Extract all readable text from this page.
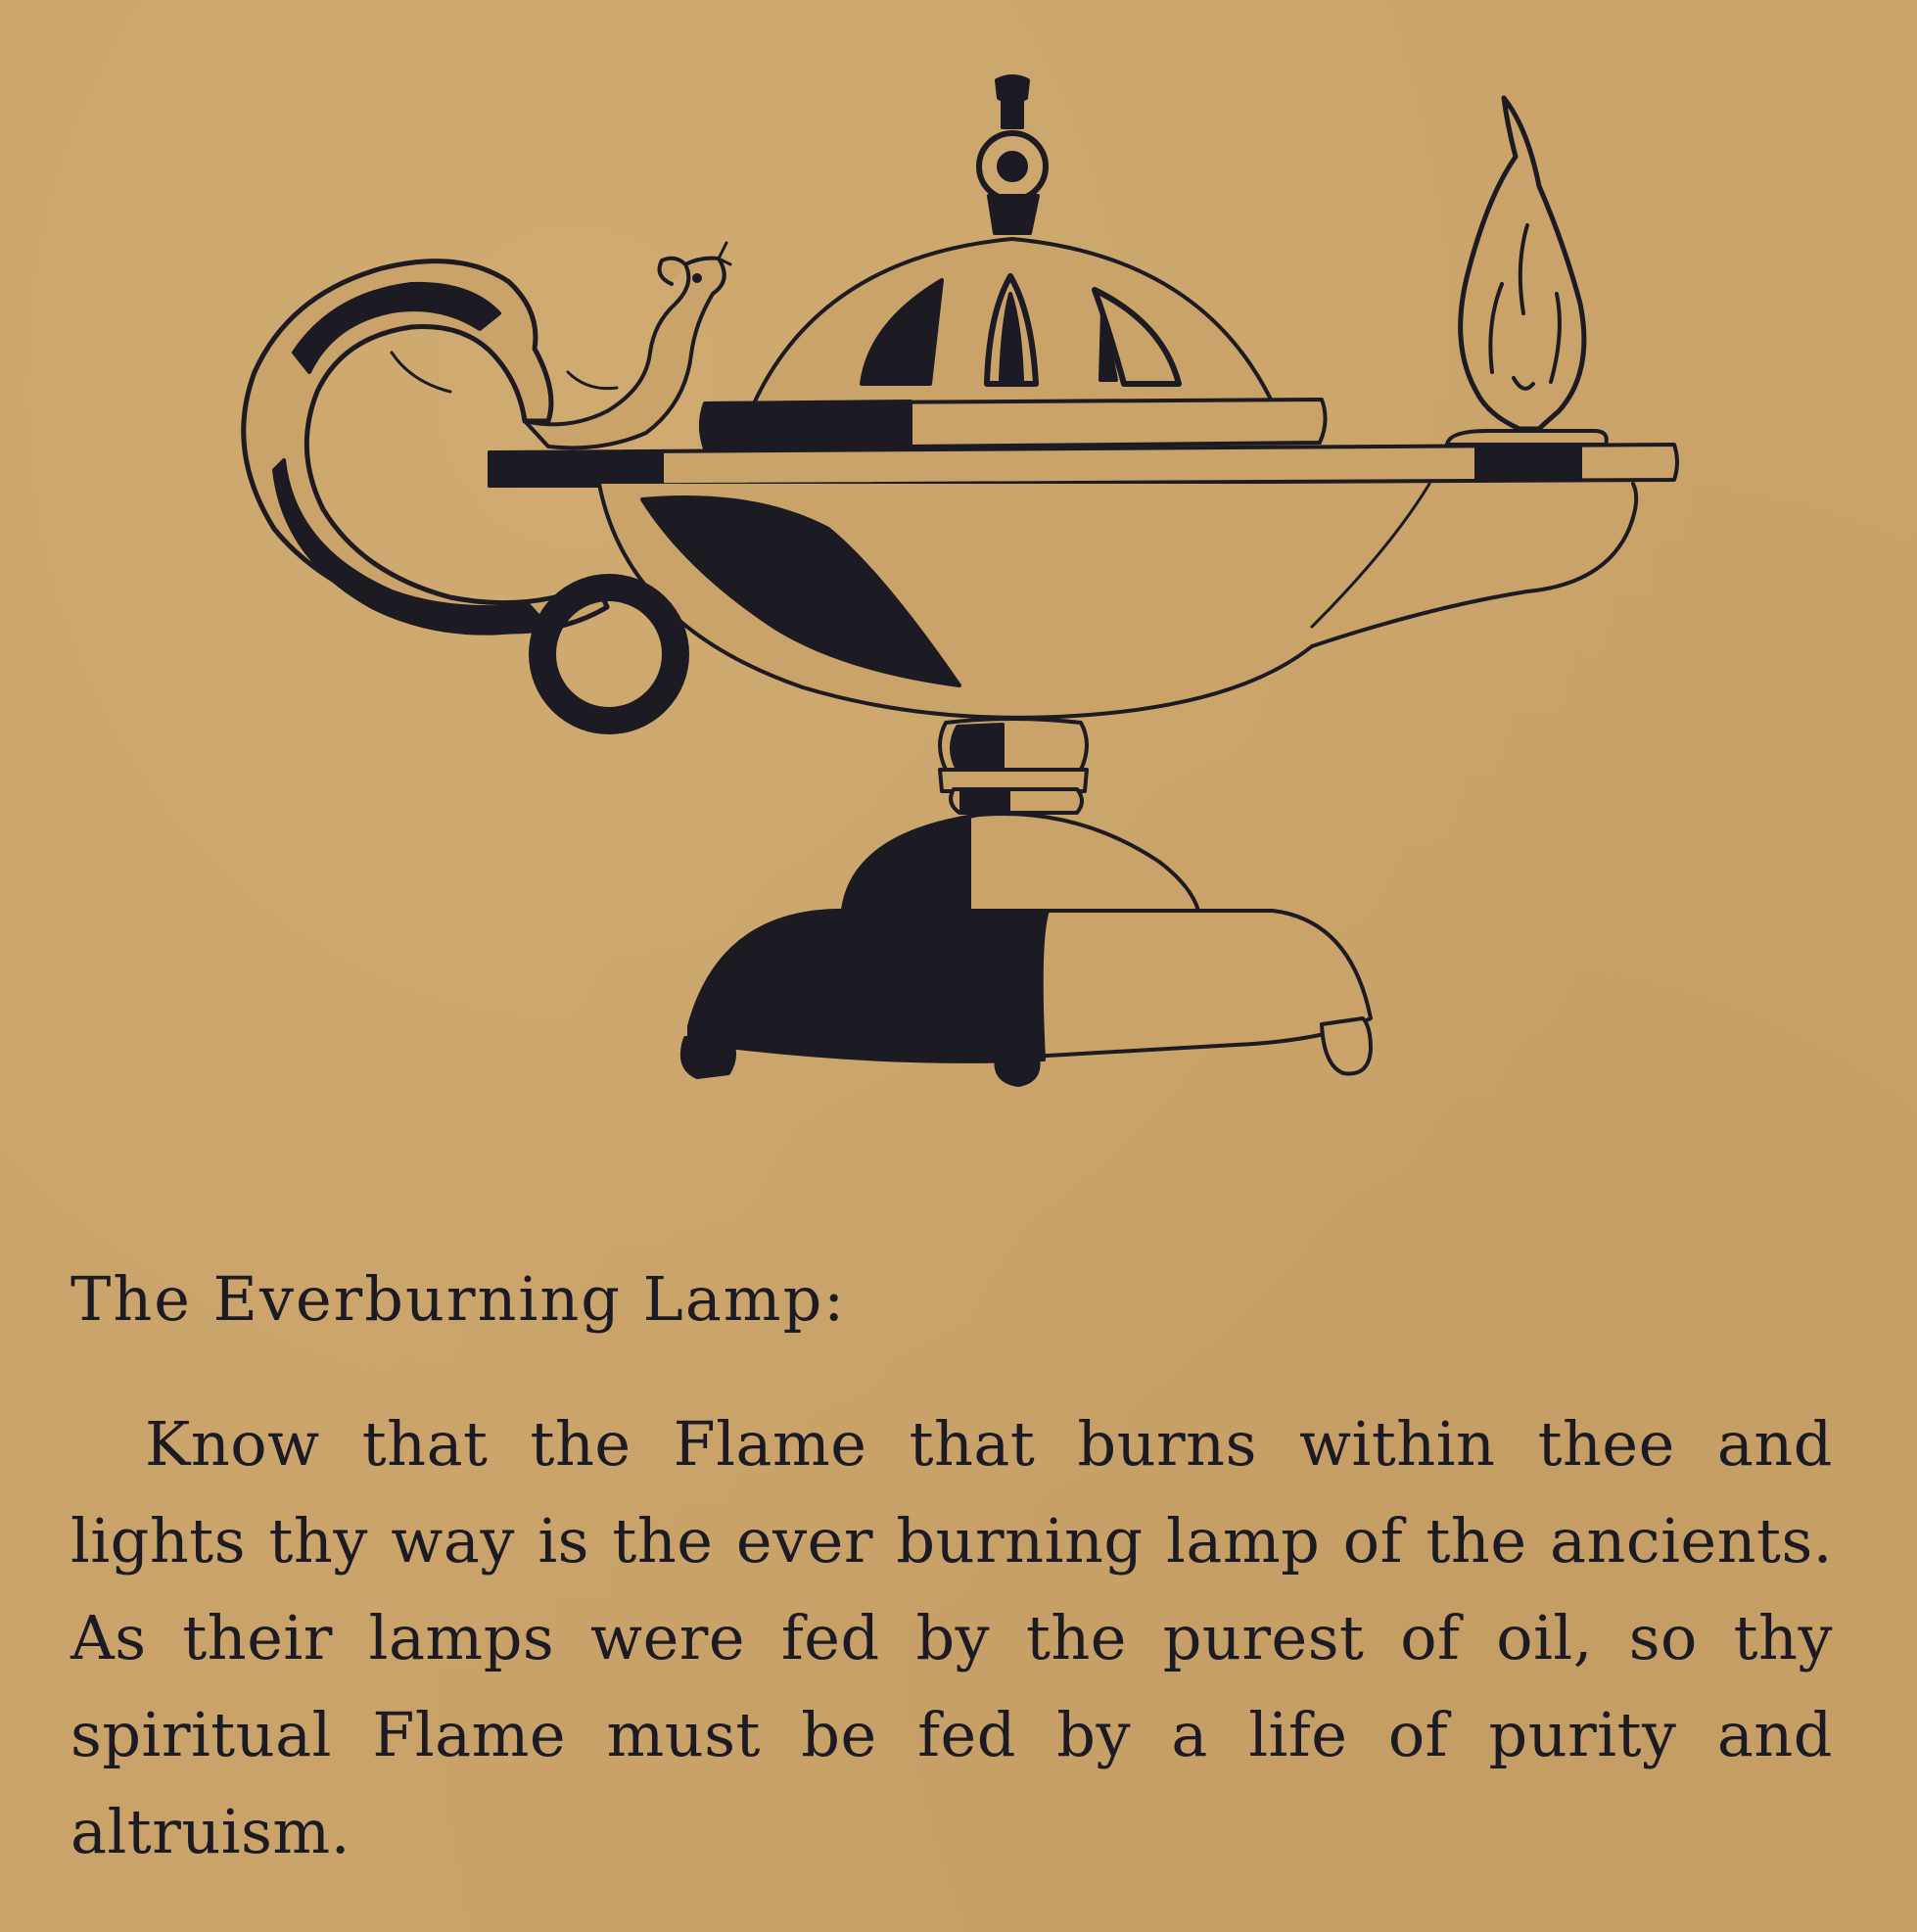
The Everburning Lamp:
Know that the Flame that burns within thee and lights thy way is the ever burning lamp of the ancients. As their lamps were fed by the purest of oil, so thy spiritual Flame must be fed by a life of purity and altruism.
